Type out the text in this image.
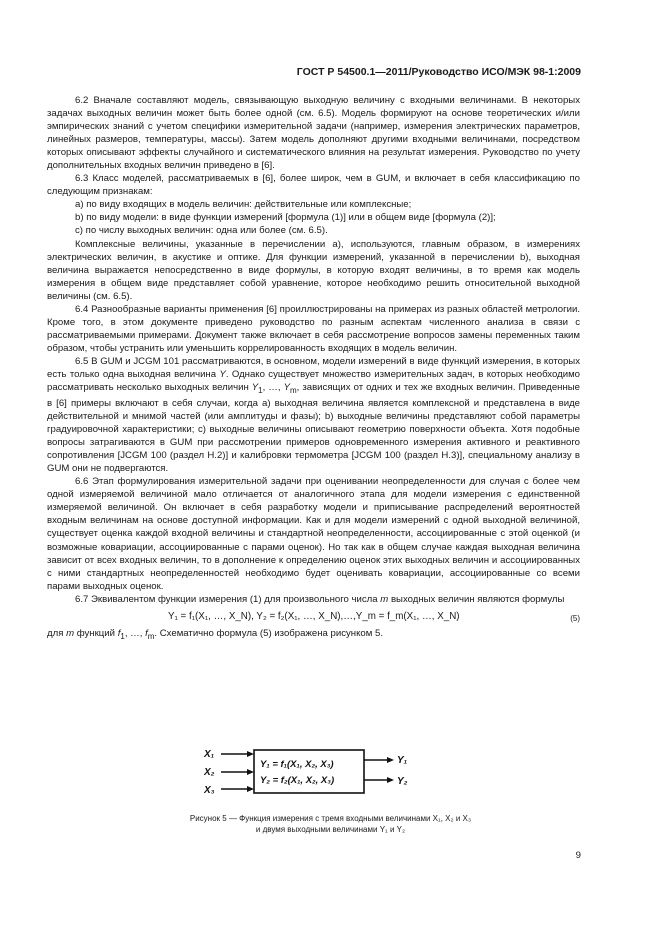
ГОСТ Р 54500.1—2011/Руководство ИСО/МЭК 98-1:2009

6.2 Вначале составляют модель, связывающую выходную величину с входными величинами. В некоторых задачах выходных величин может быть более одной (см. 6.5). Модель формируют на основе теоретических и/или эмпирических знаний с учетом специфики измерительной задачи (например, измерения электрических параметров, линейных размеров, температуры, массы). Затем модель дополняют другими входными величинами, посредством которых описывают эффекты случайного и систематического влияния на результат измерения. Руководство по учету дополнительных входных величин приведено в [6].

6.3 Класс моделей, рассматриваемых в [6], более широк, чем в GUM, и включает в себя классификацию по следующим признакам:

a) по виду входящих в модель величин: действительные или комплексные;

b) по виду модели: в виде функции измерений [формула (1)] или в общем виде [формула (2)];

c) по числу выходных величин: одна или более (см. 6.5).

Комплексные величины, указанные в перечислении a), используются, главным образом, в измерениях электрических величин, в акустике и оптике. Для функции измерений, указанной в перечислении b), выходная величина выражается непосредственно в виде формулы, в которую входят величины, в то время как модель измерения в общем виде представляет собой уравнение, которое необходимо решить относительной выходной величины (см. 6.5).

6.4 Разнообразные варианты применения [6] проиллюстрированы на примерах из разных областей метрологии. Кроме того, в этом документе приведено руководство по разным аспектам численного анализа в связи с рассматриваемыми примерами. Документ также включает в себя рассмотрение вопросов замены переменных таким образом, чтобы устранить или уменьшить коррелированность входящих в модель величин.

6.5 В GUM и JCGM 101 рассматриваются, в основном, модели измерений в виде функций измерения, в которых есть только одна выходная величина Y. Однако существует множество измерительных задач, в которых необходимо рассматривать несколько выходных величин $Y_1$, …, $Y_m$, зависящих от одних и тех же входных величин. Приведенные в [6] примеры включают в себя случаи, когда a) выходная величина является комплексной и представлена в виде действительной и мнимой частей (или амплитуды и фазы); b) выходные величины представляют собой параметры градуировочной характеристики; c) выходные величины описывают геометрию поверхности объекта. Хотя подобные вопросы затрагиваются в GUM при рассмотрении примеров одновременного измерения активного и реактивного сопротивления [JCGM 100 (раздел H.2)] и калибровки термометра [JCGM 100 (раздел H.3)], специальному анализу в GUM они не подвергаются.

6.6 Этап формулирования измерительной задачи при оценивании неопределенности для случая с более чем одной измеряемой величиной мало отличается от аналогичного этапа для модели измерения с единственной измеряемой величиной. Он включает в себя разработку модели и приписывание распределений вероятностей входным величинам на основе доступной информации. Как и для модели измерений с одной выходной величиной, существует оценка каждой входной величины и стандартной неопределенности, ассоциированные с этой оценкой (и возможные ковариации, ассоциированные с парами оценок). Но так как в общем случае каждая выходная величина зависит от всех входных величин, то в дополнение к определению оценок этих выходных величин и ассоциированных с ними стандартных неопределенностей необходимо будет оценивать ковариации, ассоциированные со всеми парами выходных оценок.

6.7 Эквивалентом функции измерения (1) для произвольного числа m выходных величин являются формулы

Y₁ = f₁(X₁, …, X_N), Y₂ = f₂(X₁, …, X_N),…,Y_m = f_m(X₁, …, X_N)	(5)

для m функций $f_1$, …, $f_m$. Схематично формула (5) изображена рисунком 5.

X₁
X₂
X₃
Y₁ = f₁(X₁, X₂, X₃)
Y₂ = f₂(X₁, X₂, X₃)
Y₁
Y₂
Рисунок 5 — Функция измерения с тремя входными величинами X₁, X₂ и X₃
и двумя выходными величинами Y₁ и Y₂
9
